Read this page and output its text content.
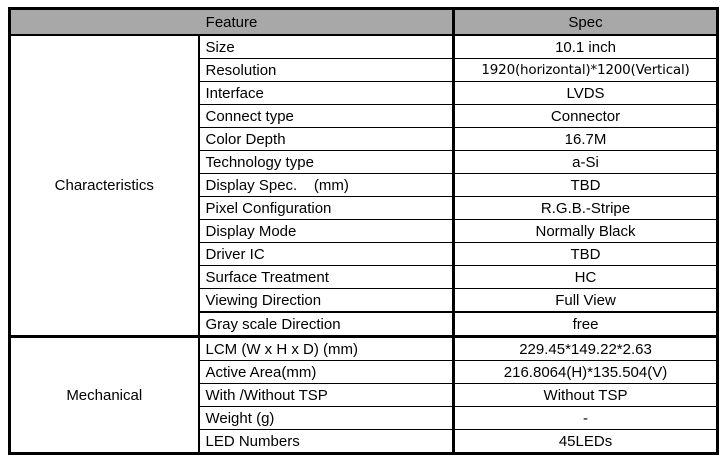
Feature		Spec
Characteristics	Size	10.1 inch
	Resolution	1920(horizontal)*1200(Vertical)
	Interface	LVDS
	Connect type	Connector
	Color Depth	16.7M
	Technology type	a-Si
	Display Spec.    (mm)	TBD
	Pixel Configuration	R.G.B.-Stripe
	Display Mode	Normally Black
	Driver IC	TBD
	Surface Treatment	HC
	Viewing Direction	Full View
	Gray scale Direction	free
Mechanical	LCM (W x H x D) (mm)	229.45*149.22*2.63
	Active Area(mm)	216.8064(H)*135.504(V)
	With /Without TSP	Without TSP
	Weight (g)	-
	LED Numbers	45LEDs
